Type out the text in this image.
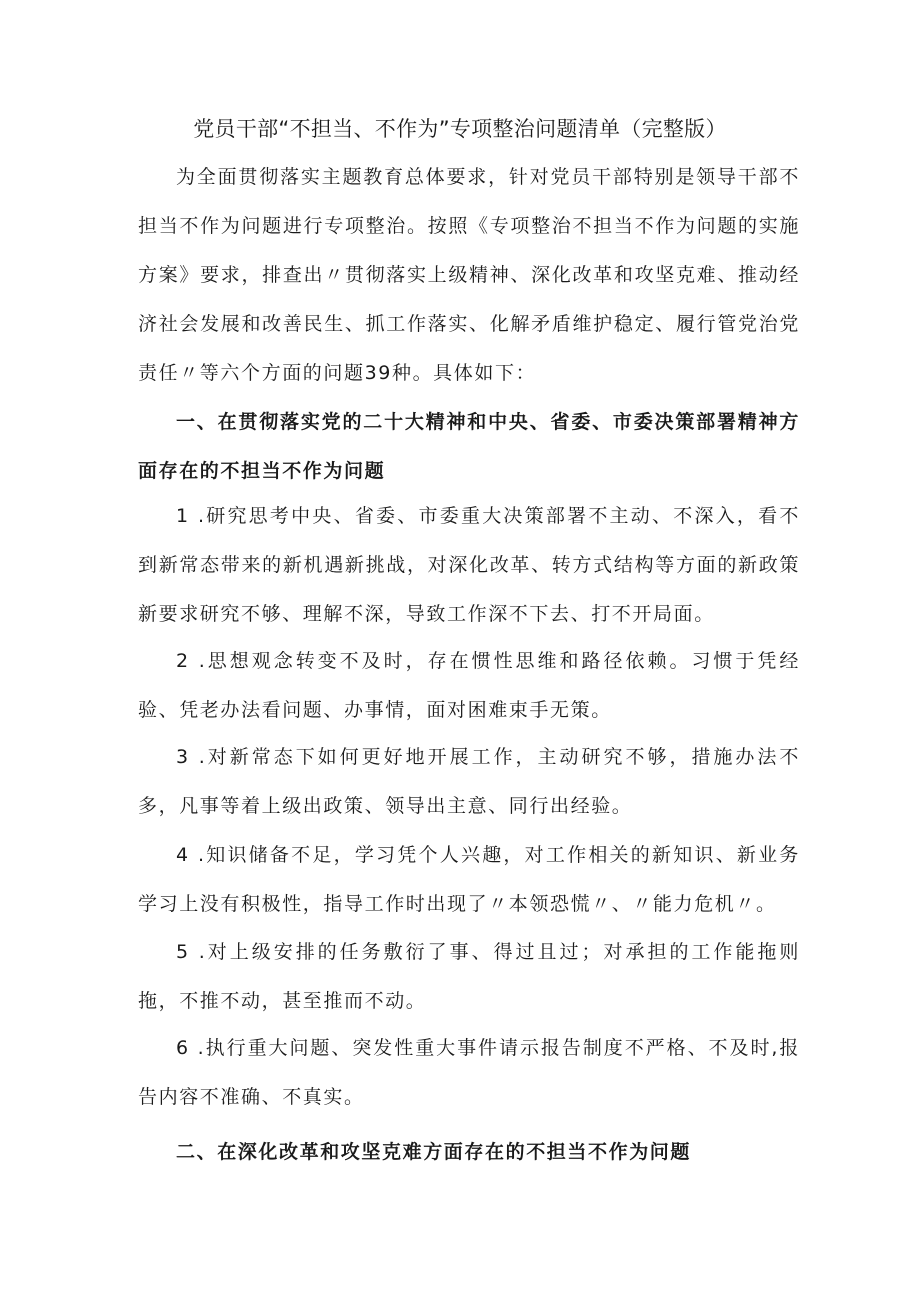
党员干部“不担当、不作为”专项整治问题清单（完整版）

为全面贯彻落实主题教育总体要求，针对党员干部特别是领导干部不担当不作为问题进行专项整治。按照《专项整治不担当不作为问题的实施方案》要求，排查出〃贯彻落实上级精神、深化改革和攻坚克难、推动经济社会发展和改善民生、抓工作落实、化解矛盾维护稳定、履行管党治党责任〃等六个方面的问题39种。具体如下：

一、在贯彻落实党的二十大精神和中央、省委、市委决策部署精神方面存在的不担当不作为问题

1 .研究思考中央、省委、市委重大决策部署不主动、不深入，看不到新常态带来的新机遇新挑战，对深化改革、转方式结构等方面的新政策新要求研究不够、理解不深，导致工作深不下去、打不开局面。

2 .思想观念转变不及时，存在惯性思维和路径依赖。习惯于凭经验、凭老办法看问题、办事情，面对困难束手无策。

3 .对新常态下如何更好地开展工作，主动研究不够，措施办法不多，凡事等着上级出政策、领导出主意、同行出经验。

4 .知识储备不足，学习凭个人兴趣，对工作相关的新知识、新业务学习上没有积极性，指导工作时出现了〃本领恐慌〃、〃能力危机〃。

5 .对上级安排的任务敷衍了事、得过且过；对承担的工作能拖则拖，不推不动，甚至推而不动。

6 .执行重大问题、突发性重大事件请示报告制度不严格、不及时,报告内容不准确、不真实。

二、在深化改革和攻坚克难方面存在的不担当不作为问题
